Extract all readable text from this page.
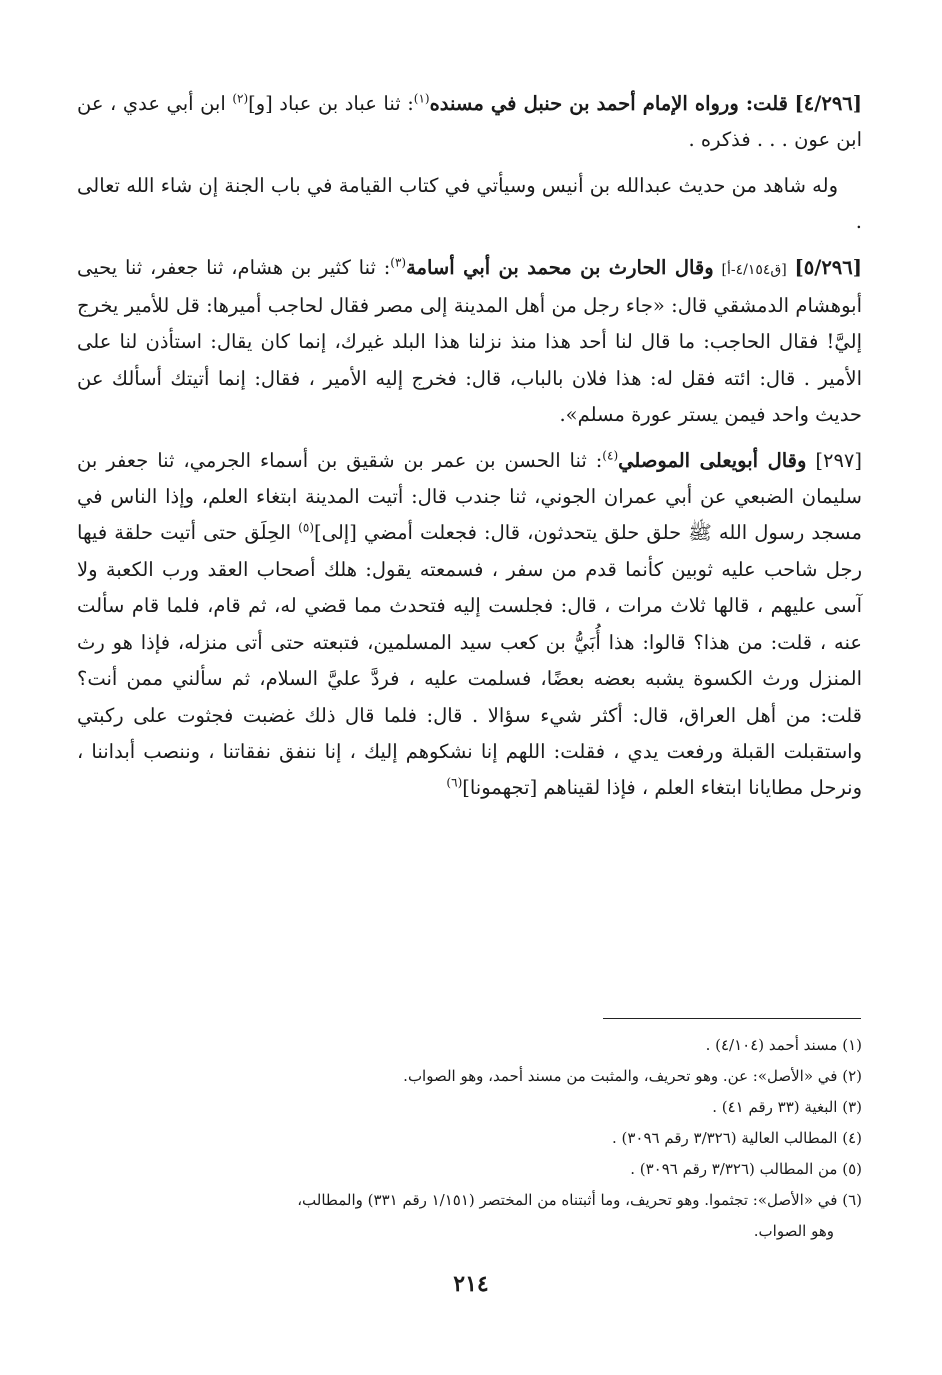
[٤/٢٩٦] قلت: ورواه الإمام أحمد بن حنبل في مسنده$^{(١)}$: ثنا عباد بن عباد [و]$^{(٢)}$ ابن أبي عدي ، عن ابن عون . . . فذكره .

وله شاهد من حديث عبدالله بن أنيس وسيأتي في كتاب القيامة في باب الجنة إن شاء الله تعالى .

[٥/٢٩٦] [ق٤/١٥٤-أ] وقال الحارث بن محمد بن أبي أسامة$^{(٣)}$: ثنا كثير بن هشام، ثنا جعفر، ثنا يحيى أبوهشام الدمشقي قال: «جاء رجل من أهل المدينة إلى مصر فقال لحاجب أميرها: قل للأمير يخرج إليَّ! فقال الحاجب: ما قال لنا أحد هذا منذ نزلنا هذا البلد غيرك، إنما كان يقال: استأذن لنا على الأمير . قال: ائته فقل له: هذا فلان بالباب، قال: فخرج إليه الأمير ، فقال: إنما أتيتك أسألك عن حديث واحد فيمن يستر عورة مسلم».

[٢٩٧] وقال أبويعلى الموصلي$^{(٤)}$: ثنا الحسن بن عمر بن شقيق بن أسماء الجرمي، ثنا جعفر بن سليمان الضبعي عن أبي عمران الجوني، ثنا جندب قال: أتيت المدينة ابتغاء العلم، وإذا الناس في مسجد رسول الله ﷺ حلق حلق يتحدثون، قال: فجعلت أمضي [إلى]$^{(٥)}$ الحِلَق حتى أتيت حلقة فيها رجل شاحب عليه ثوبين كأنما قدم من سفر ، فسمعته يقول: هلك أصحاب العقد ورب الكعبة ولا آسى عليهم ، قالها ثلاث مرات ، قال: فجلست إليه فتحدث مما قضي له، ثم قام، فلما قام سألت عنه ، قلت: من هذا؟ قالوا: هذا أُبَيُّ بن كعب سيد المسلمين، فتبعته حتى أتى منزله، فإذا هو رث المنزل ورث الكسوة يشبه بعضه بعضًا، فسلمت عليه ، فردَّ عليَّ السلام، ثم سألني ممن أنت؟ قلت: من أهل العراق، قال: أكثر شيء سؤالا . قال: فلما قال ذلك غضبت فجثوت على ركبتي واستقبلت القبلة ورفعت يدي ، فقلت: اللهم إنا نشكوهم إليك ، إنا ننفق نفقاتنا ، وننصب أبداننا ، ونرحل مطايانا ابتغاء العلم ، فإذا لقيناهم [تجهمونا]$^{(٦)}$

(١) مسند أحمد (٤/١٠٤) .

(٢) في «الأصل»: عن. وهو تحريف، والمثبت من مسند أحمد، وهو الصواب.

(٣) البغية (٣٣ رقم ٤١) .

(٤) المطالب العالية (٣/٣٢٦ رقم ٣٠٩٦) .

(٥) من المطالب (٣/٣٢٦ رقم ٣٠٩٦) .

(٦) في «الأصل»: تجثموا. وهو تحريف، وما أثبتناه من المختصر (١/١٥١ رقم ٣٣١) والمطالب،

وهو الصواب.

٢١٤
